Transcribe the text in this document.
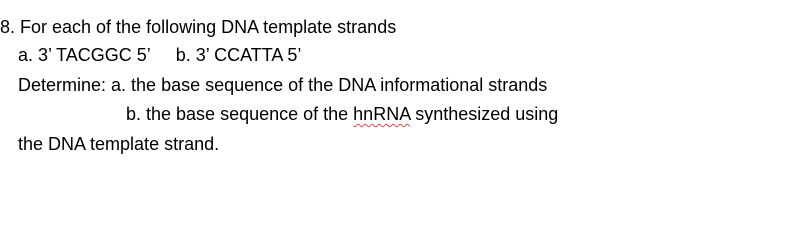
8. For each of the following DNA template strands
a. 3’ TACGGC 5’ b. 3’ CCATTA 5’
Determine: a. the base sequence of the DNA informational strands
b. the base sequence of the hnRNA synthesized using
the DNA template strand.
